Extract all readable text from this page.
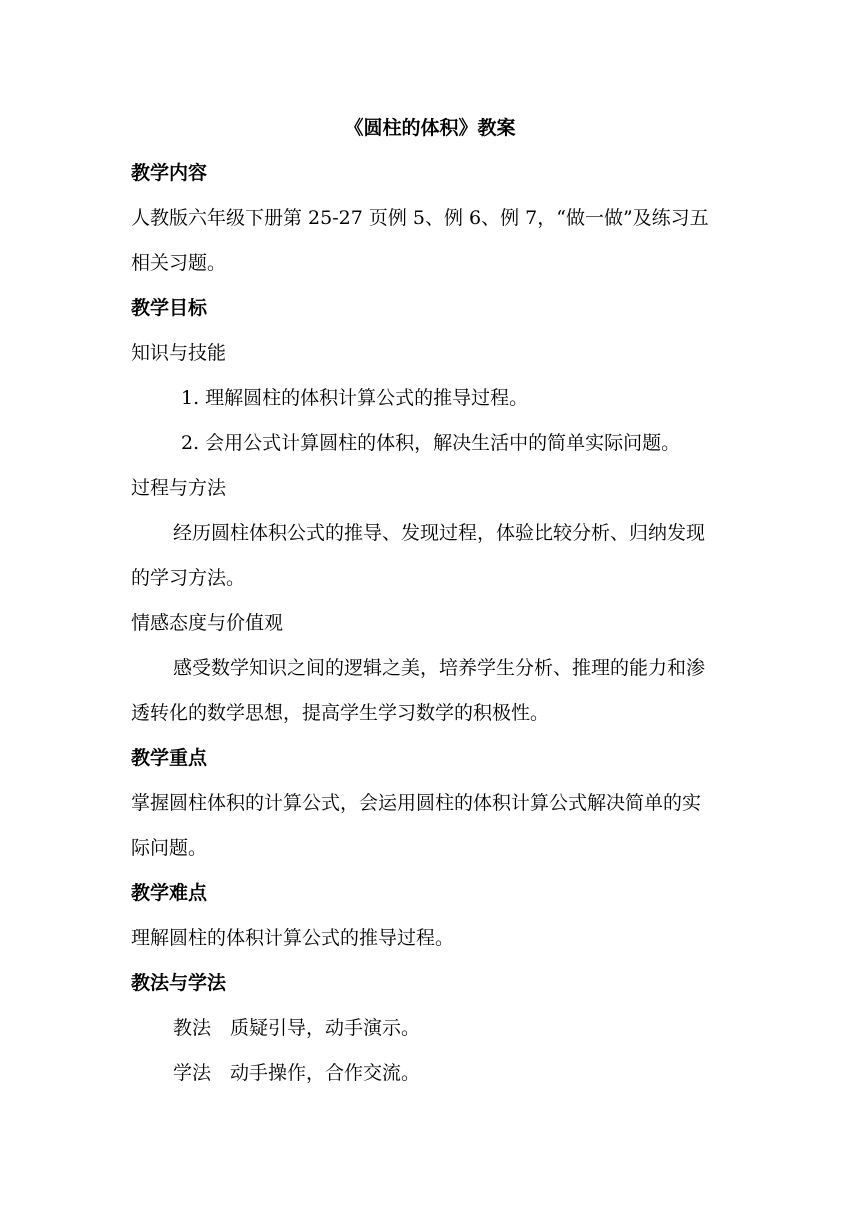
《圆柱的体积》教案
教学内容
人教版六年级下册第 25-27 页例 5、例 6、例 7，“做一做”及练习五
相关习题。
教学目标
知识与技能
1. 理解圆柱的体积计算公式的推导过程。
2. 会用公式计算圆柱的体积，解决生活中的简单实际问题。
过程与方法
经历圆柱体积公式的推导、发现过程，体验比较分析、归纳发现
的学习方法。
情感态度与价值观
感受数学知识之间的逻辑之美，培养学生分析、推理的能力和渗
透转化的数学思想，提高学生学习数学的积极性。
教学重点
掌握圆柱体积的计算公式，会运用圆柱的体积计算公式解决简单的实
际问题。
教学难点
理解圆柱的体积计算公式的推导过程。
教法与学法
教法 质疑引导，动手演示。
学法 动手操作，合作交流。
